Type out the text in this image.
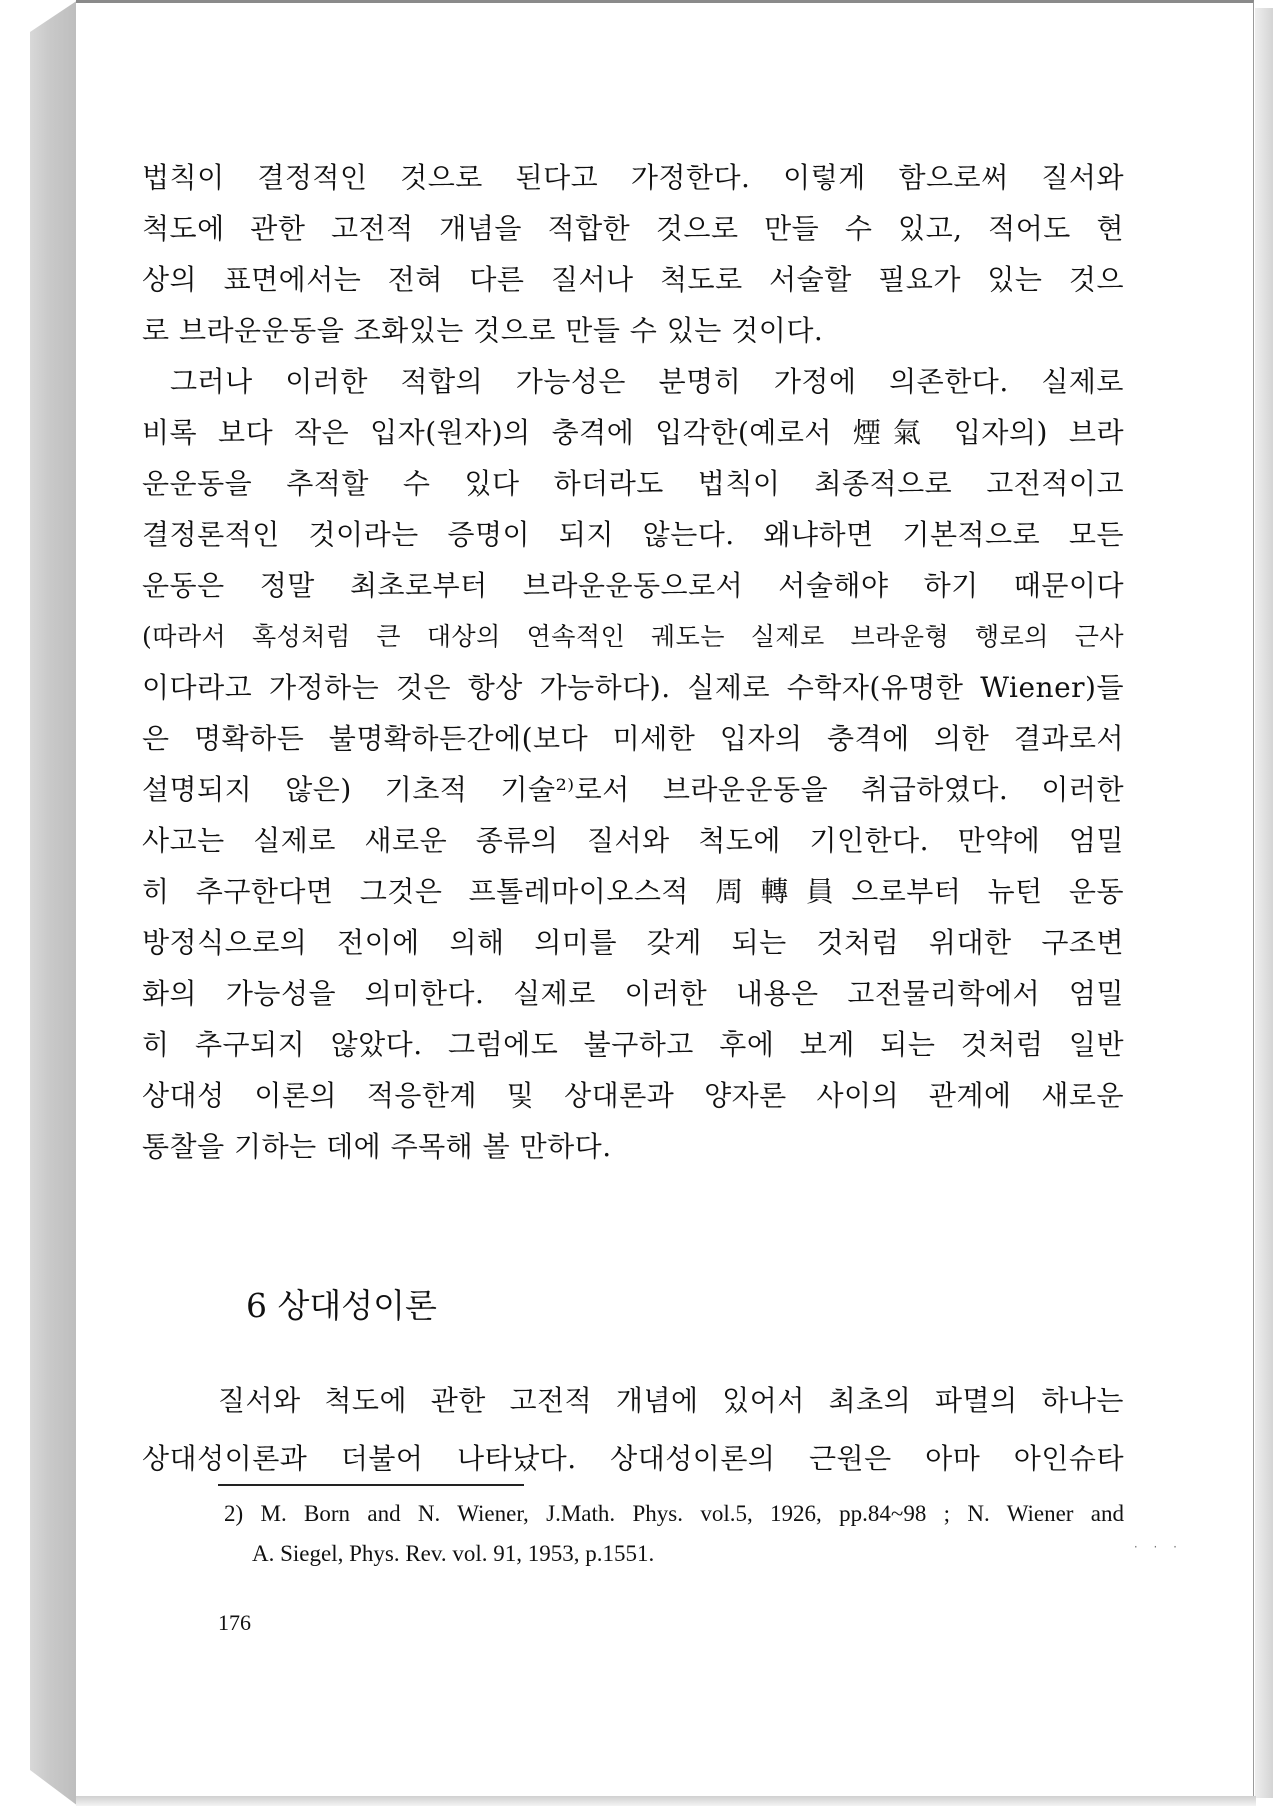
법칙이 결정적인 것으로 된다고 가정한다. 이렇게 함으로써 질서와
척도에 관한 고전적 개념을 적합한 것으로 만들 수 있고, 적어도 현
상의 표면에서는 전혀 다른 질서나 척도로 서술할 필요가 있는 것으
로 브라운운동을 조화있는 것으로 만들 수 있는 것이다.
그러나 이러한 적합의 가능성은 분명히 가정에 의존한다. 실제로
비록 보다 작은 입자(원자)의 충격에 입각한(예로서 煙氣 입자의) 브라
운운동을 추적할 수 있다 하더라도 법칙이 최종적으로 고전적이고
결정론적인 것이라는 증명이 되지 않는다. 왜냐하면 기본적으로 모든
운동은 정말 최초로부터 브라운운동으로서 서술해야 하기 때문이다
(따라서 혹성처럼 큰 대상의 연속적인 궤도는 실제로 브라운형 행로의 근사
이다라고 가정하는 것은 항상 가능하다). 실제로 수학자(유명한 Wiener)들
은 명확하든 불명확하든간에(보다 미세한 입자의 충격에 의한 결과로서
설명되지 않은) 기초적 기술²⁾로서 브라운운동을 취급하였다. 이러한
사고는 실제로 새로운 종류의 질서와 척도에 기인한다. 만약에 엄밀
히 추구한다면 그것은 프톨레마이오스적 周轉員으로부터 뉴턴 운동
방정식으로의 전이에 의해 의미를 갖게 되는 것처럼 위대한 구조변
화의 가능성을 의미한다. 실제로 이러한 내용은 고전물리학에서 엄밀
히 추구되지 않았다. 그럼에도 불구하고 후에 보게 되는 것처럼 일반
상대성 이론의 적응한계 및 상대론과 양자론 사이의 관계에 새로운
통찰을 기하는 데에 주목해 볼 만하다.
6 상대성이론
질서와 척도에 관한 고전적 개념에 있어서 최초의 파멸의 하나는
상대성이론과 더불어 나타났다. 상대성이론의 근원은 아마 아인슈타
2) M. Born and N. Wiener, J.Math. Phys. vol.5, 1926, pp.84~98 ; N. Wiener and
A. Siegel, Phys. Rev. vol. 91, 1953, p.1551.	· · ·
176
